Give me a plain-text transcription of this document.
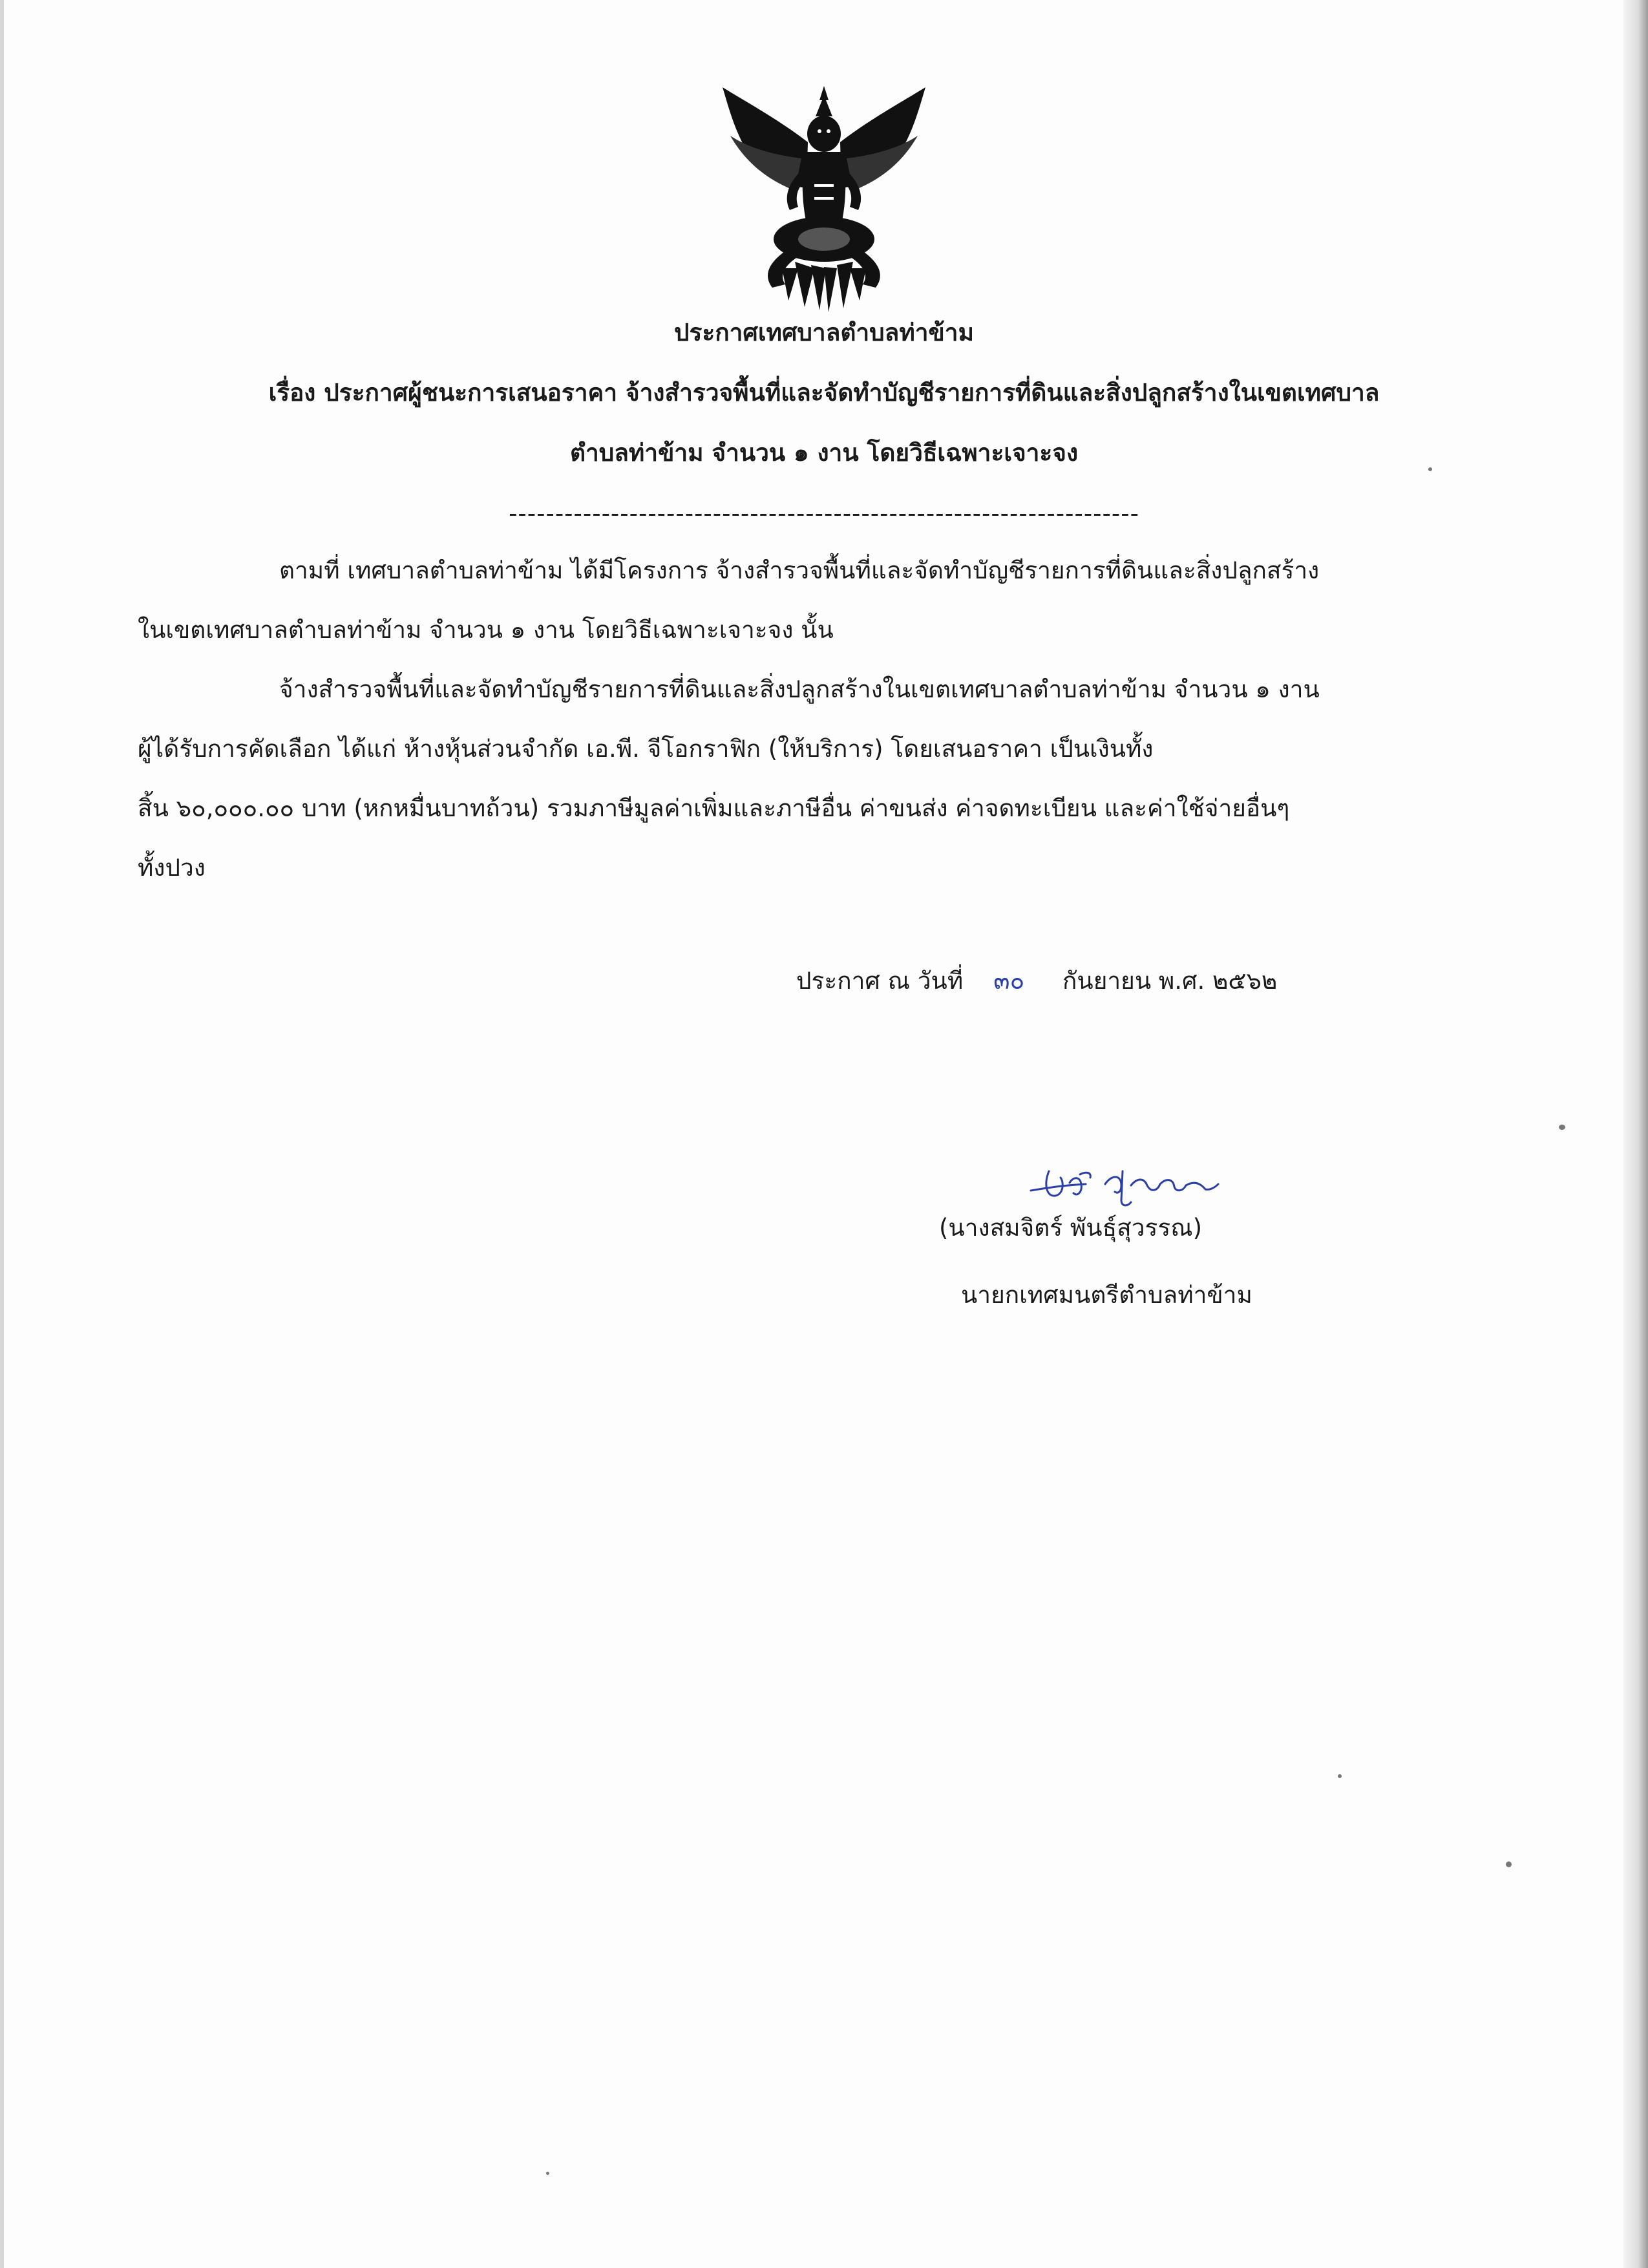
ประกาศเทศบาลตำบลท่าข้าม
เรื่อง ประกาศผู้ชนะการเสนอราคา จ้างสำรวจพื้นที่และจัดทำบัญชีรายการที่ดินและสิ่งปลูกสร้างในเขตเทศบาล
ตำบลท่าข้าม จำนวน ๑ งาน โดยวิธีเฉพาะเจาะจง
--------------------------------------------------------------------
ตามที่ เทศบาลตำบลท่าข้าม ได้มีโครงการ จ้างสำรวจพื้นที่และจัดทำบัญชีรายการที่ดินและสิ่งปลูกสร้าง
ในเขตเทศบาลตำบลท่าข้าม จำนวน ๑ งาน โดยวิธีเฉพาะเจาะจง นั้น
จ้างสำรวจพื้นที่และจัดทำบัญชีรายการที่ดินและสิ่งปลูกสร้างในเขตเทศบาลตำบลท่าข้าม จำนวน ๑ งาน
ผู้ได้รับการคัดเลือก ได้แก่ ห้างหุ้นส่วนจำกัด เอ.พี. จีโอกราฟิก (ให้บริการ) โดยเสนอราคา เป็นเงินทั้ง
สิ้น ๖๐,๐๐๐.๐๐ บาท (หกหมื่นบาทถ้วน) รวมภาษีมูลค่าเพิ่มและภาษีอื่น ค่าขนส่ง ค่าจดทะเบียน และค่าใช้จ่ายอื่นๆ
ทั้งปวง
ประกาศ ณ วันที่ ๓๐ กันยายน พ.ศ. ๒๕๖๒
(นางสมจิตร์ พันธุ์สุวรรณ)
นายกเทศมนตรีตำบลท่าข้าม
